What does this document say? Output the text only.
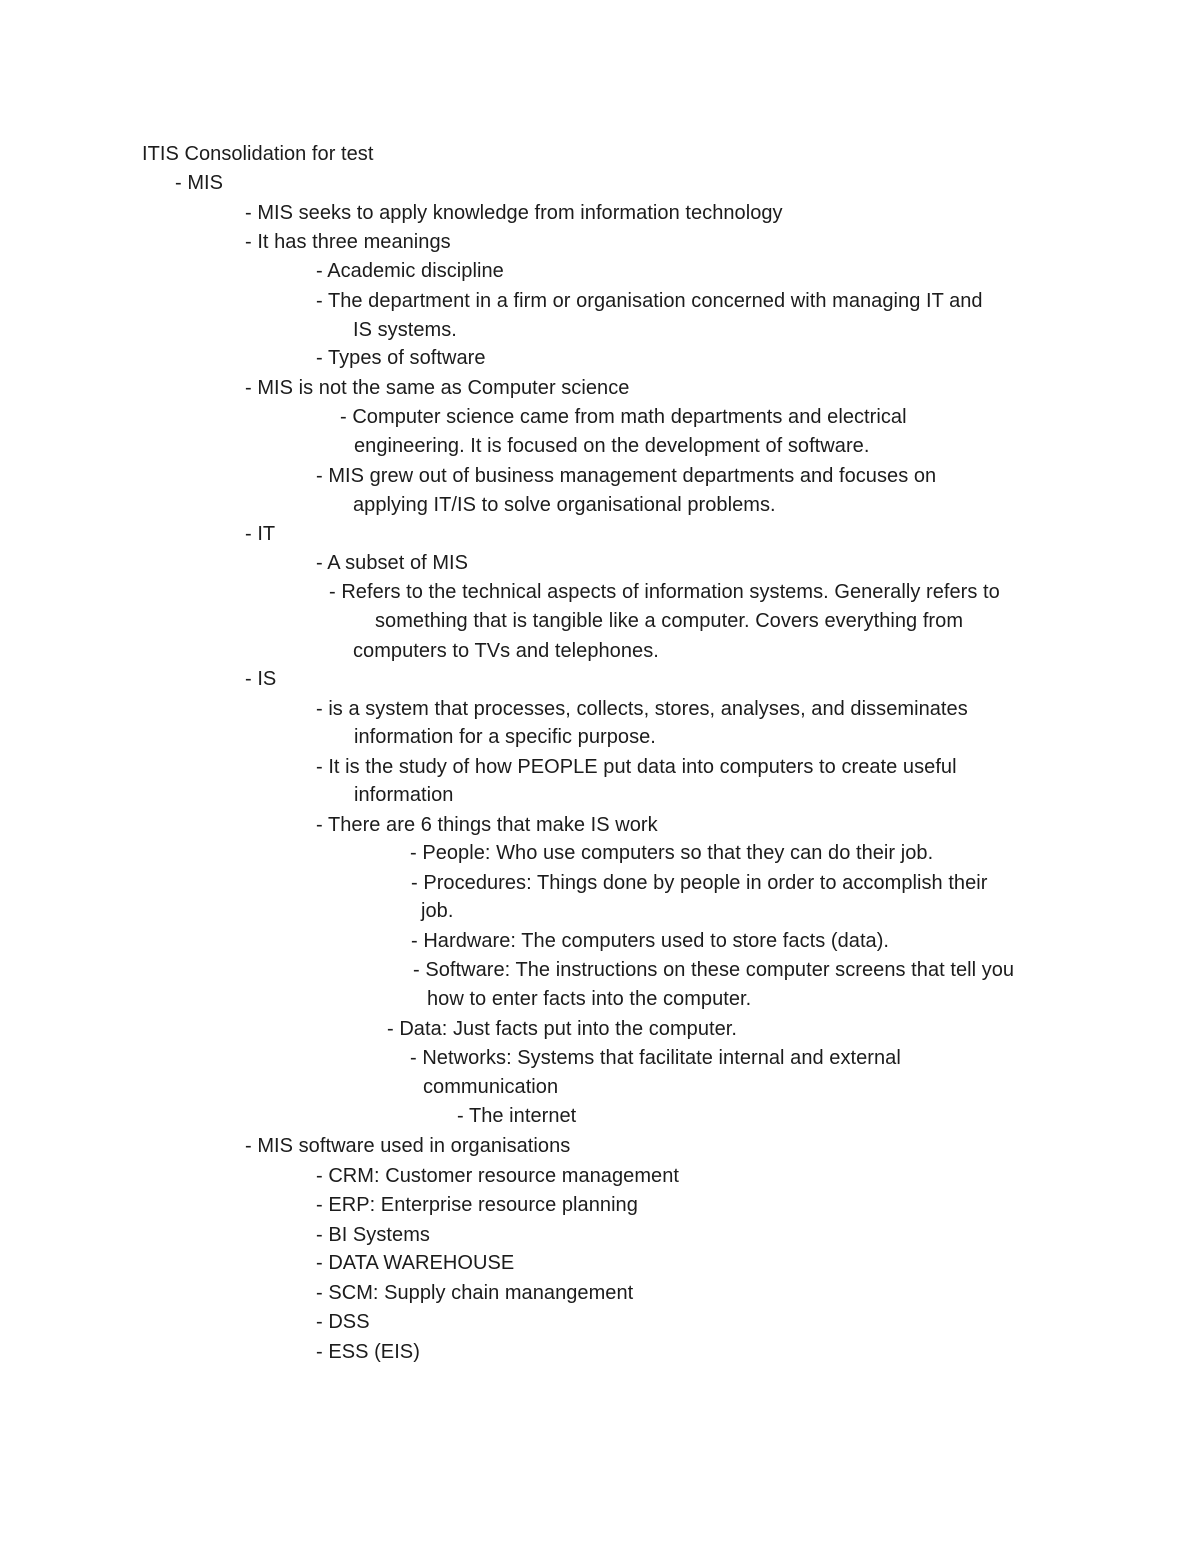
ITIS Consolidation for test

- MIS

- MIS seeks to apply knowledge from information technology

- It has three meanings

- Academic discipline

- The department in a firm or organisation concerned with managing IT and

IS systems.

- Types of software

- MIS is not the same as Computer science

- Computer science came from math departments and electrical

engineering. It is focused on the development of software.

- MIS grew out of business management departments and focuses on

applying IT/IS to solve organisational problems.

- IT

- A subset of MIS

- Refers to the technical aspects of information systems. Generally refers to

something that is tangible like a computer. Covers everything from

computers to TVs and telephones.

- IS

- is a system that processes, collects, stores, analyses, and disseminates

information for a specific purpose.

- It is the study of how PEOPLE put data into computers to create useful

information

- There are 6 things that make IS work

- People: Who use computers so that they can do their job.

- Procedures: Things done by people in order to accomplish their

job.

- Hardware: The computers used to store facts (data).

- Software: The instructions on these computer screens that tell you

how to enter facts into the computer.

- Data: Just facts put into the computer.

- Networks: Systems that facilitate internal and external

communication

- The internet

- MIS software used in organisations

- CRM: Customer resource management

- ERP: Enterprise resource planning

- BI Systems

- DATA WAREHOUSE

- SCM: Supply chain manangement

- DSS

- ESS (EIS)
